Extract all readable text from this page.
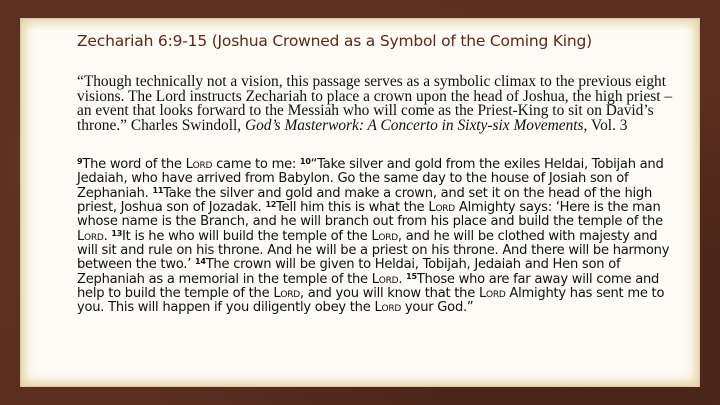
Zechariah 6:9-15 (Joshua Crowned as a Symbol of the Coming King)

“Though technically not a vision, this passage serves as a symbolic climax to the previous eight visions. The Lord instructs Zechariah to place a crown upon the head of Joshua, the high priest – an event that looks forward to the Messiah who will come as the Priest-King to sit on David’s throne.” Charles Swindoll, God’s Masterwork: A Concerto in Sixty-six Movements, Vol. 3

$^9$The word of the Lord came to me: $^{10}$“Take silver and gold from the exiles Heldai, Tobijah and Jedaiah, who have arrived from Babylon. Go the same day to the house of Josiah son of Zephaniah. $^{11}$Take the silver and gold and make a crown, and set it on the head of the high priest, Joshua son of Jozadak. $^{12}$Tell him this is what the Lord Almighty says: ‘Here is the man whose name is the Branch, and he will branch out from his place and build the temple of the Lord. $^{13}$It is he who will build the temple of the Lord, and he will be clothed with majesty and will sit and rule on his throne. And he will be a priest on his throne. And there will be harmony between the two.’ $^{14}$The crown will be given to Heldai, Tobijah, Jedaiah and Hen son of Zephaniah as a memorial in the temple of the Lord. $^{15}$Those who are far away will come and help to build the temple of the Lord, and you will know that the Lord Almighty has sent me to you. This will happen if you diligently obey the Lord your God.”
